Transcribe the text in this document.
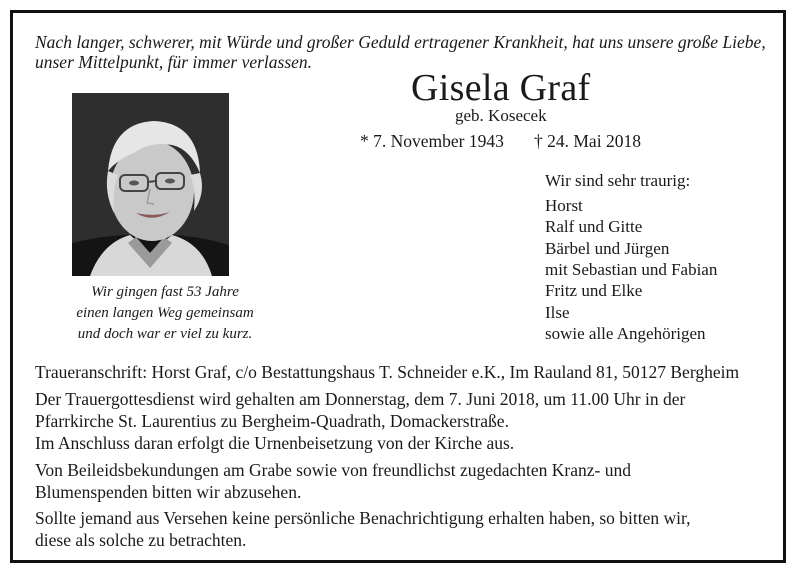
Nach langer, schwerer, mit Würde und großer Geduld ertragener Krankheit, hat uns unsere große Liebe,
unser Mittelpunkt, für immer verlassen.
Gisela Graf
geb. Kosecek
* 7. November 1943 † 24. Mai 2018
Wir gingen fast 53 Jahre
einen langen Weg gemeinsam
und doch war er viel zu kurz.
Wir sind sehr traurig:
Horst
Ralf und Gitte
Bärbel und Jürgen
mit Sebastian und Fabian
Fritz und Elke
Ilse
sowie alle Angehörigen
Traueranschrift: Horst Graf, c/o Bestattungshaus T. Schneider e.K., Im Rauland 81, 50127 Bergheim
Der Trauergottesdienst wird gehalten am Donnerstag, dem 7. Juni 2018, um 11.00 Uhr in der
Pfarrkirche St. Laurentius zu Bergheim-Quadrath, Domackerstraße.
Im Anschluss daran erfolgt die Urnenbeisetzung von der Kirche aus.
Von Beileidsbekundungen am Grabe sowie von freundlichst zugedachten Kranz- und
Blumenspenden bitten wir abzusehen.
Sollte jemand aus Versehen keine persönliche Benachrichtigung erhalten haben, so bitten wir,
diese als solche zu betrachten.
